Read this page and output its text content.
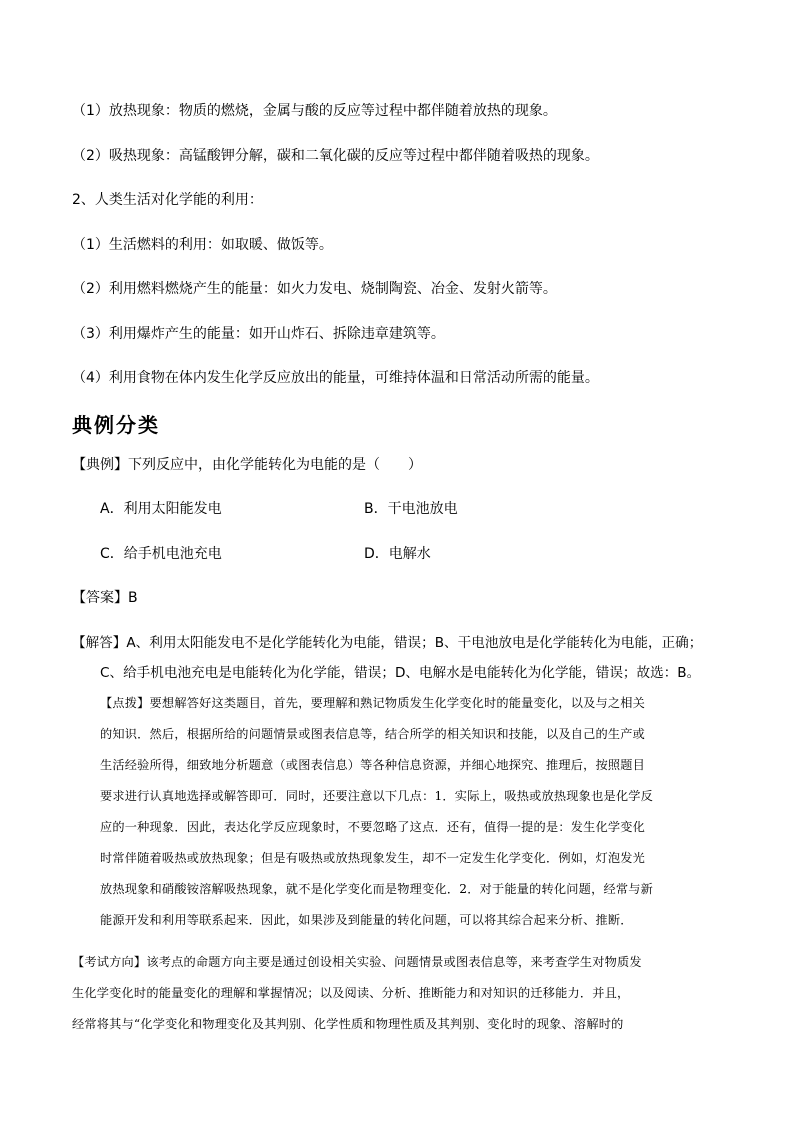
（1）放热现象：物质的燃烧，金属与酸的反应等过程中都伴随着放热的现象。
（2）吸热现象：高锰酸钾分解，碳和二氧化碳的反应等过程中都伴随着吸热的现象。
2、人类生活对化学能的利用：
（1）生活燃料的利用：如取暖、做饭等。
（2）利用燃料燃烧产生的能量：如火力发电、烧制陶瓷、冶金、发射火箭等。
（3）利用爆炸产生的能量：如开山炸石、拆除违章建筑等。
（4）利用食物在体内发生化学反应放出的能量，可维持体温和日常活动所需的能量。
典例分类
【典例】下列反应中，由化学能转化为电能的是（　　）
A．利用太阳能发电	B．干电池放电
C．给手机电池充电	D．电解水
【答案】B
【解答】A、利用太阳能发电不是化学能转化为电能，错误；B、干电池放电是化学能转化为电能，正确；
C、给手机电池充电是电能转化为化学能，错误；D、电解水是电能转化为化学能，错误；故选：B。
【点拨】要想解答好这类题目，首先，要理解和熟记物质发生化学变化时的能量变化，以及与之相关
的知识．然后，根据所给的问题情景或图表信息等，结合所学的相关知识和技能，以及自己的生产或
生活经验所得，细致地分析题意（或图表信息）等各种信息资源，并细心地探究、推理后，按照题目
要求进行认真地选择或解答即可．同时，还要注意以下几点：1．实际上，吸热或放热现象也是化学反
应的一种现象．因此，表达化学反应现象时，不要忽略了这点．还有，值得一提的是：发生化学变化
时常伴随着吸热或放热现象；但是有吸热或放热现象发生，却不一定发生化学变化．例如，灯泡发光
放热现象和硝酸铵溶解吸热现象，就不是化学变化而是物理变化．2．对于能量的转化问题，经常与新
能源开发和利用等联系起来．因此，如果涉及到能量的转化问题，可以将其综合起来分析、推断．
【考试方向】该考点的命题方向主要是通过创设相关实验、问题情景或图表信息等，来考查学生对物质发
生化学变化时的能量变化的理解和掌握情况；以及阅读、分析、推断能力和对知识的迁移能力．并且，
经常将其与“化学变化和物理变化及其判别、化学性质和物理性质及其判别、变化时的现象、溶解时的
